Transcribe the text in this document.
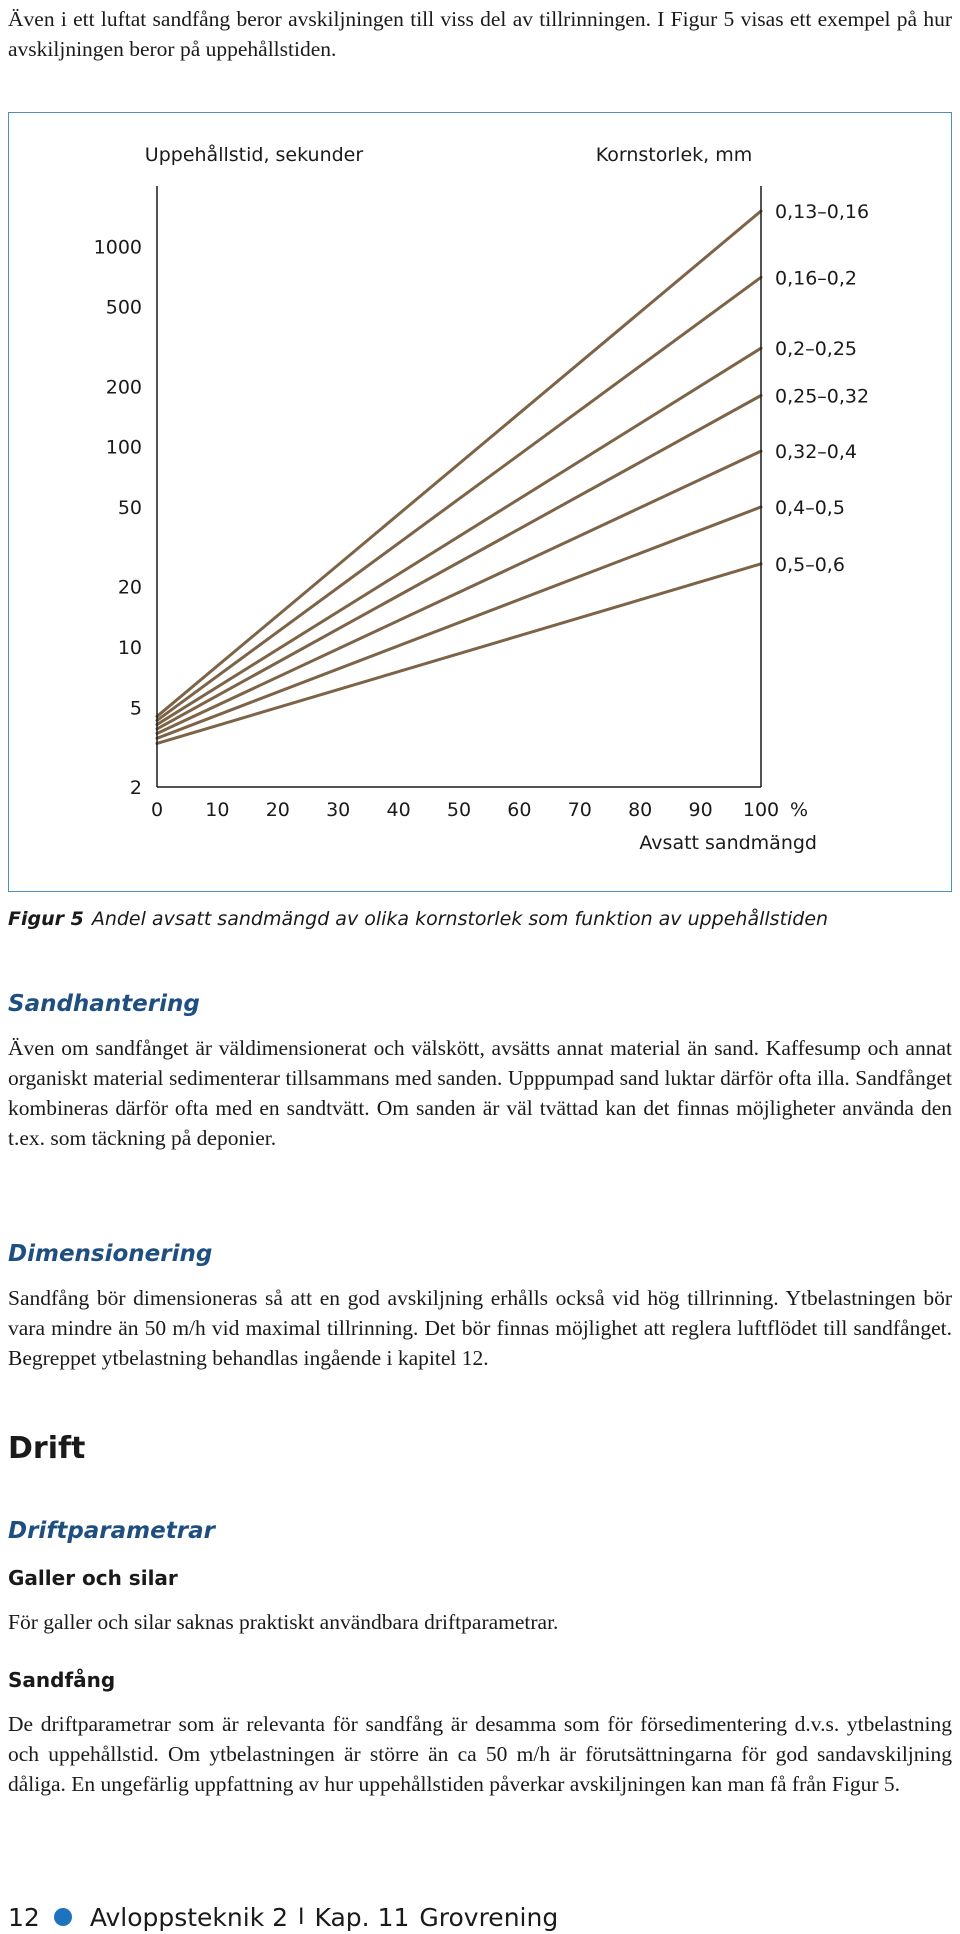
Även i ett luftat sandfång beror avskiljningen till viss del av tillrinningen. I Figur 5 visas ett exempel på hur avskiljningen beror på uppehållstiden.

Uppehållstid, sekunder	Kornstorlek, mm
1000
500
200
100
50
20
10
5
2
0 10 20 30 40 50 60 70 80 90 100
0,13–0,16
0,16–0,2
0,2–0,25
0,25–0,32
0,32–0,4
0,4–0,5
0,5–0,6
%
Avsatt sandmängd
Figur 5 Andel avsatt sandmängd av olika kornstorlek som funktion av uppehållstiden
Sandhantering

Även om sandfånget är väldimensionerat och välskött, avsätts annat material än sand. Kaffesump och annat organiskt material sedimenterar tillsammans med sanden. Upppumpad sand luktar därför ofta illa. Sandfånget kombineras därför ofta med en sandtvätt. Om sanden är väl tvättad kan det finnas möjligheter använda den t.ex. som täckning på deponier.

Dimensionering

Sandfång bör dimensioneras så att en god avskiljning erhålls också vid hög tillrinning. Ytbelastningen bör vara mindre än 50 m/h vid maximal tillrinning. Det bör finnas möjlighet att reglera luftflödet till sandfånget. Begreppet ytbelastning behandlas ingående i kapitel 12.

Drift
Driftparametrar
Galler och silar

För galler och silar saknas praktiskt användbara driftparametrar.

Sandfång

De driftparametrar som är relevanta för sandfång är desamma som för försedimentering d.v.s. ytbelastning och uppehållstid. Om ytbelastningen är större än ca 50 m/h är förutsättningarna för god sandavskiljning dåliga. En ungefärlig uppfattning av hur uppehållstiden påverkar avskiljningen kan man få från Figur 5.

12 Avloppsteknik 2 I Kap. 11 Grovrening
